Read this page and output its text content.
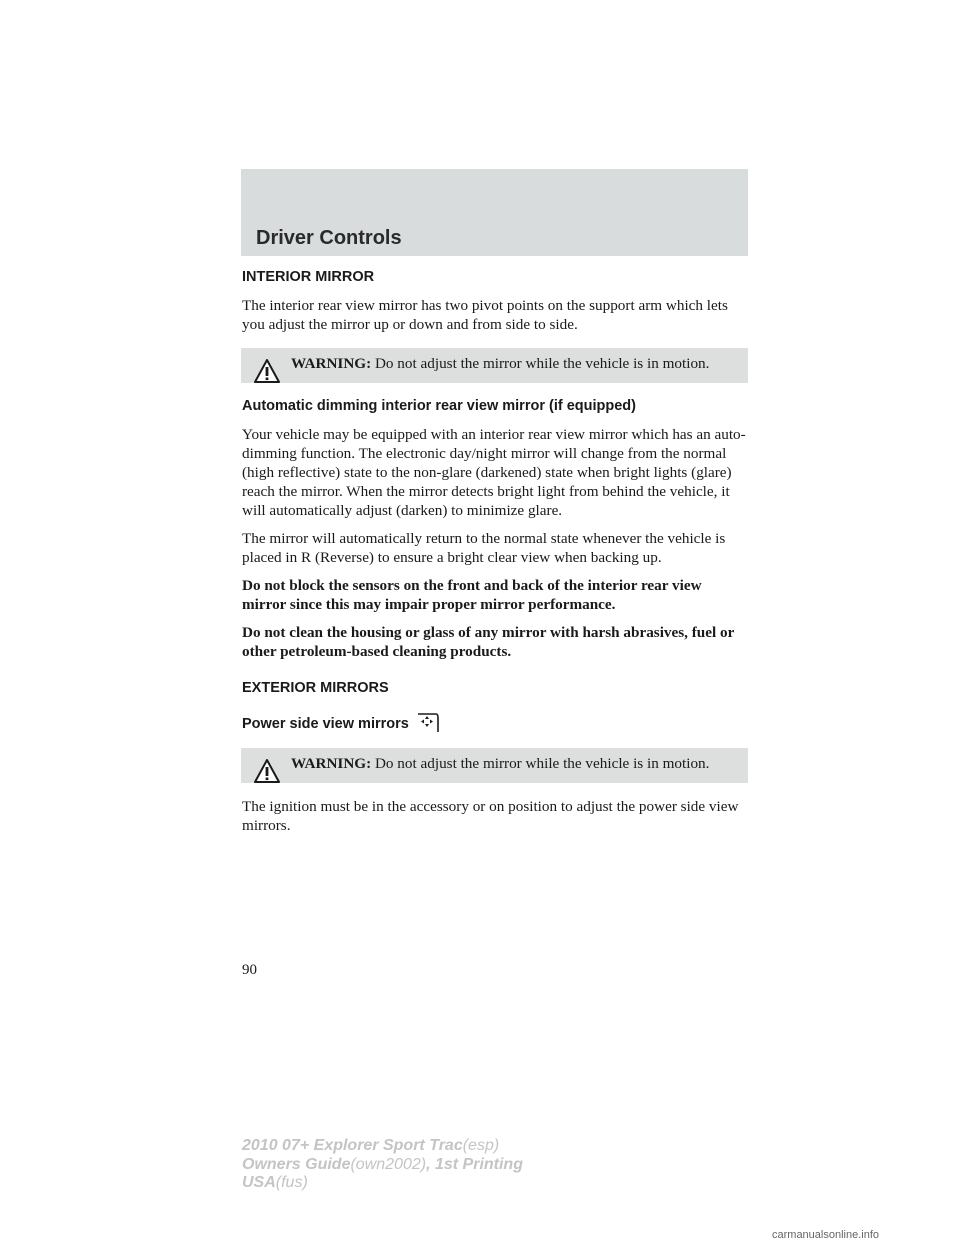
Driver Controls
INTERIOR MIRROR

The interior rear view mirror has two pivot points on the support arm which lets you adjust the mirror up or down and from side to side.

WARNING: Do not adjust the mirror while the vehicle is in motion.
Automatic dimming interior rear view mirror (if equipped)

Your vehicle may be equipped with an interior rear view mirror which has an auto-dimming function. The electronic day/night mirror will change from the normal (high reflective) state to the non-glare (darkened) state when bright lights (glare) reach the mirror. When the mirror detects bright light from behind the vehicle, it will automatically adjust (darken) to minimize glare.

The mirror will automatically return to the normal state whenever the vehicle is placed in R (Reverse) to ensure a bright clear view when backing up.

Do not block the sensors on the front and back of the interior rear view mirror since this may impair proper mirror performance.

Do not clean the housing or glass of any mirror with harsh abrasives, fuel or other petroleum-based cleaning products.

EXTERIOR MIRRORS
Power side view mirrors
WARNING: Do not adjust the mirror while the vehicle is in motion.

The ignition must be in the accessory or on position to adjust the power side view mirrors.

90
2010 07+ Explorer Sport Trac(esp)
Owners Guide(own2002), 1st Printing
USA(fus)
carmanualsonline.info
